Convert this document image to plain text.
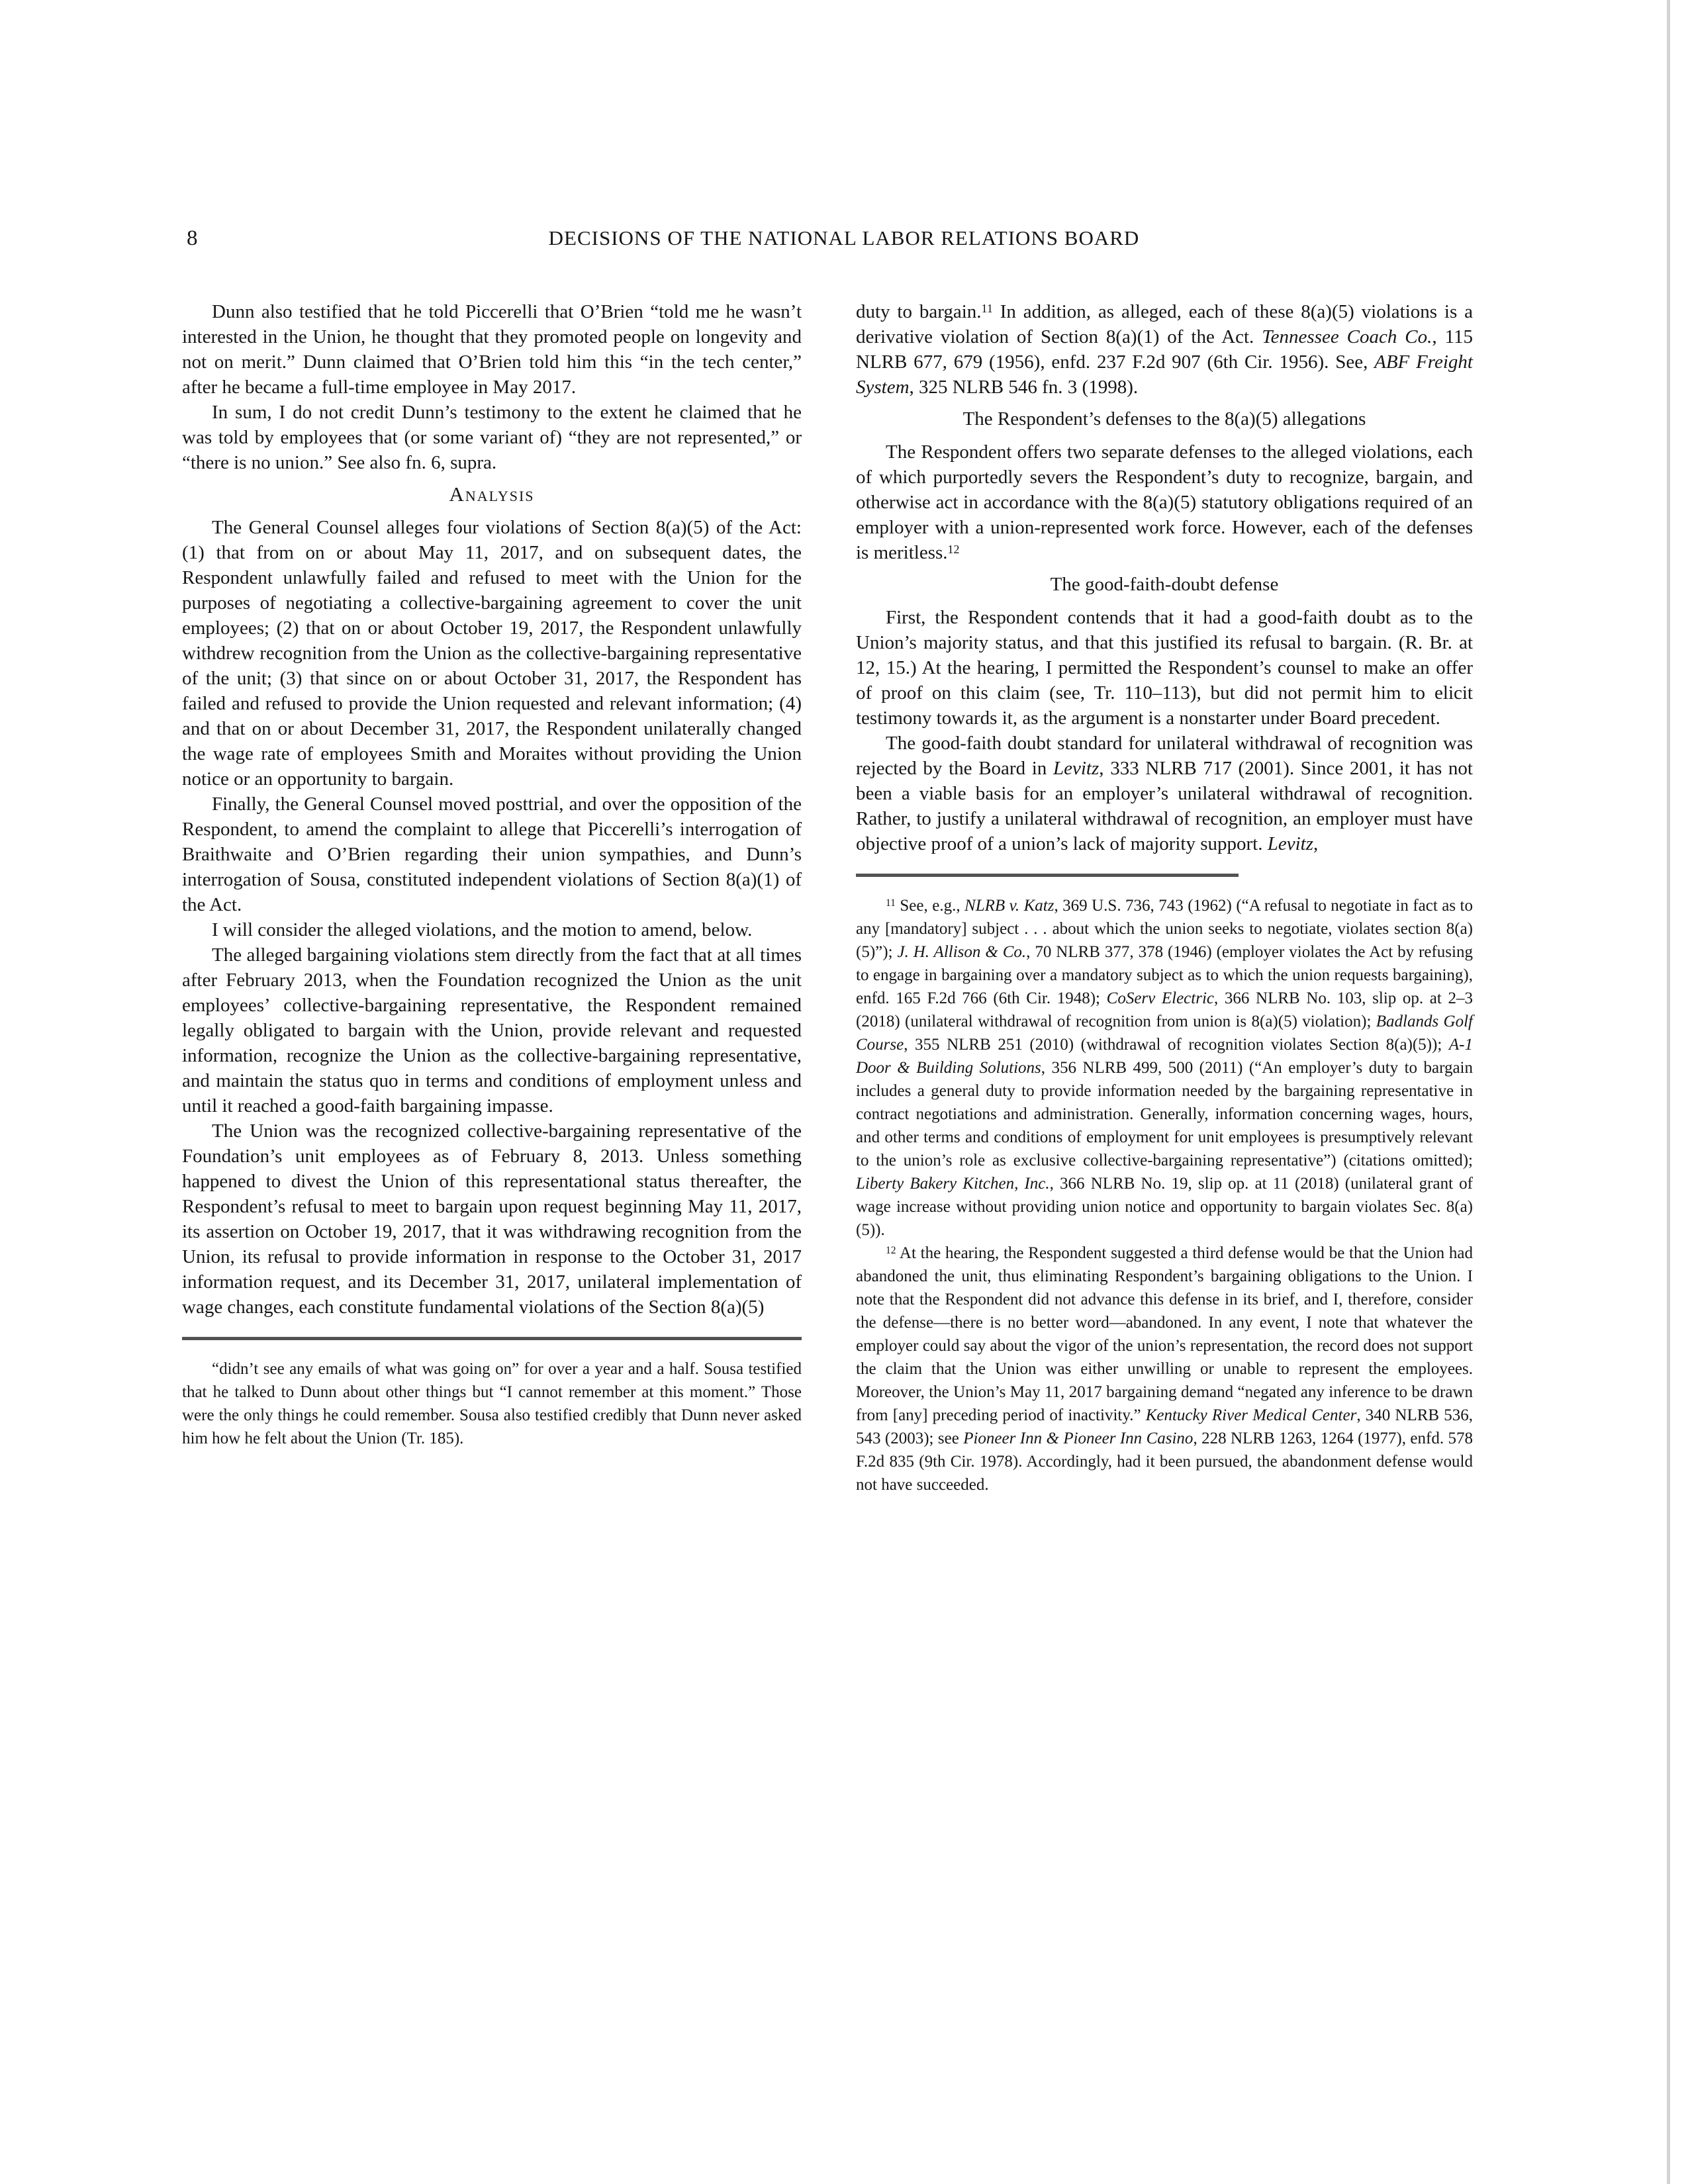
8	DECISIONS OF THE NATIONAL LABOR RELATIONS BOARD

Dunn also testified that he told Piccerelli that O’Brien “told me he wasn’t interested in the Union, he thought that they promoted people on longevity and not on merit.” Dunn claimed that O’Brien told him this “in the tech center,” after he became a full-time employee in May 2017.

In sum, I do not credit Dunn’s testimony to the extent he claimed that he was told by employees that (or some variant of) “they are not represented,” or “there is no union.” See also fn. 6, supra.

Analysis

The General Counsel alleges four violations of Section 8(a)(5) of the Act: (1) that from on or about May 11, 2017, and on subsequent dates, the Respondent unlawfully failed and refused to meet with the Union for the purposes of negotiating a collective-bargaining agreement to cover the unit employees; (2) that on or about October 19, 2017, the Respondent unlawfully withdrew recognition from the Union as the collective-bargaining representative of the unit; (3) that since on or about October 31, 2017, the Respondent has failed and refused to provide the Union requested and relevant information; (4) and that on or about December 31, 2017, the Respondent unilaterally changed the wage rate of employees Smith and Moraites without providing the Union notice or an opportunity to bargain.

Finally, the General Counsel moved posttrial, and over the opposition of the Respondent, to amend the complaint to allege that Piccerelli’s interrogation of Braithwaite and O’Brien regarding their union sympathies, and Dunn’s interrogation of Sousa, constituted independent violations of Section 8(a)(1) of the Act.

I will consider the alleged violations, and the motion to amend, below.

The alleged bargaining violations stem directly from the fact that at all times after February 2013, when the Foundation recognized the Union as the unit employees’ collective-bargaining representative, the Respondent remained legally obligated to bargain with the Union, provide relevant and requested information, recognize the Union as the collective-bargaining representative, and maintain the status quo in terms and conditions of employment unless and until it reached a good-faith bargaining impasse.

The Union was the recognized collective-bargaining representative of the Foundation’s unit employees as of February 8, 2013. Unless something happened to divest the Union of this representational status thereafter, the Respondent’s refusal to meet to bargain upon request beginning May 11, 2017, its assertion on October 19, 2017, that it was withdrawing recognition from the Union, its refusal to provide information in response to the October 31, 2017 information request, and its December 31, 2017, unilateral implementation of wage changes, each constitute fundamental violations of the Section 8(a)(5)

“didn’t see any emails of what was going on” for over a year and a half. Sousa testified that he talked to Dunn about other things but “I cannot remember at this moment.” Those were the only things he could remember. Sousa also testified credibly that Dunn never asked him how he felt about the Union (Tr. 185).

duty to bargain.$^{11}$ In addition, as alleged, each of these 8(a)(5) violations is a derivative violation of Section 8(a)(1) of the Act. Tennessee Coach Co., 115 NLRB 677, 679 (1956), enfd. 237 F.2d 907 (6th Cir. 1956). See, ABF Freight System, 325 NLRB 546 fn. 3 (1998).

The Respondent’s defenses to the 8(a)(5) allegations

The Respondent offers two separate defenses to the alleged violations, each of which purportedly severs the Respondent’s duty to recognize, bargain, and otherwise act in accordance with the 8(a)(5) statutory obligations required of an employer with a union-represented work force. However, each of the defenses is meritless.$^{12}$

The good-faith-doubt defense

First, the Respondent contends that it had a good-faith doubt as to the Union’s majority status, and that this justified its refusal to bargain. (R. Br. at 12, 15.) At the hearing, I permitted the Respondent’s counsel to make an offer of proof on this claim (see, Tr. 110–113), but did not permit him to elicit testimony towards it, as the argument is a nonstarter under Board precedent.

The good-faith doubt standard for unilateral withdrawal of recognition was rejected by the Board in Levitz, 333 NLRB 717 (2001). Since 2001, it has not been a viable basis for an employer’s unilateral withdrawal of recognition. Rather, to justify a unilateral withdrawal of recognition, an employer must have objective proof of a union’s lack of majority support. Levitz,

$^{11}$ See, e.g., NLRB v. Katz, 369 U.S. 736, 743 (1962) (“A refusal to negotiate in fact as to any [mandatory] subject . . . about which the union seeks to negotiate, violates section 8(a)(5)”); J. H. Allison & Co., 70 NLRB 377, 378 (1946) (employer violates the Act by refusing to engage in bargaining over a mandatory subject as to which the union requests bargaining), enfd. 165 F.2d 766 (6th Cir. 1948); CoServ Electric, 366 NLRB No. 103, slip op. at 2–3 (2018) (unilateral withdrawal of recognition from union is 8(a)(5) violation); Badlands Golf Course, 355 NLRB 251 (2010) (withdrawal of recognition violates Section 8(a)(5)); A-1 Door & Building Solutions, 356 NLRB 499, 500 (2011) (“An employer’s duty to bargain includes a general duty to provide information needed by the bargaining representative in contract negotiations and administration. Generally, information concerning wages, hours, and other terms and conditions of employment for unit employees is presumptively relevant to the union’s role as exclusive collective-bargaining representative”) (citations omitted); Liberty Bakery Kitchen, Inc., 366 NLRB No. 19, slip op. at 11 (2018) (unilateral grant of wage increase without providing union notice and opportunity to bargain violates Sec. 8(a)(5)).

$^{12}$ At the hearing, the Respondent suggested a third defense would be that the Union had abandoned the unit, thus eliminating Respondent’s bargaining obligations to the Union. I note that the Respondent did not advance this defense in its brief, and I, therefore, consider the defense—there is no better word—abandoned. In any event, I note that whatever the employer could say about the vigor of the union’s representation, the record does not support the claim that the Union was either unwilling or unable to represent the employees. Moreover, the Union’s May 11, 2017 bargaining demand “negated any inference to be drawn from [any] preceding period of inactivity.” Kentucky River Medical Center, 340 NLRB 536, 543 (2003); see Pioneer Inn & Pioneer Inn Casino, 228 NLRB 1263, 1264 (1977), enfd. 578 F.2d 835 (9th Cir. 1978). Accordingly, had it been pursued, the abandonment defense would not have succeeded.
